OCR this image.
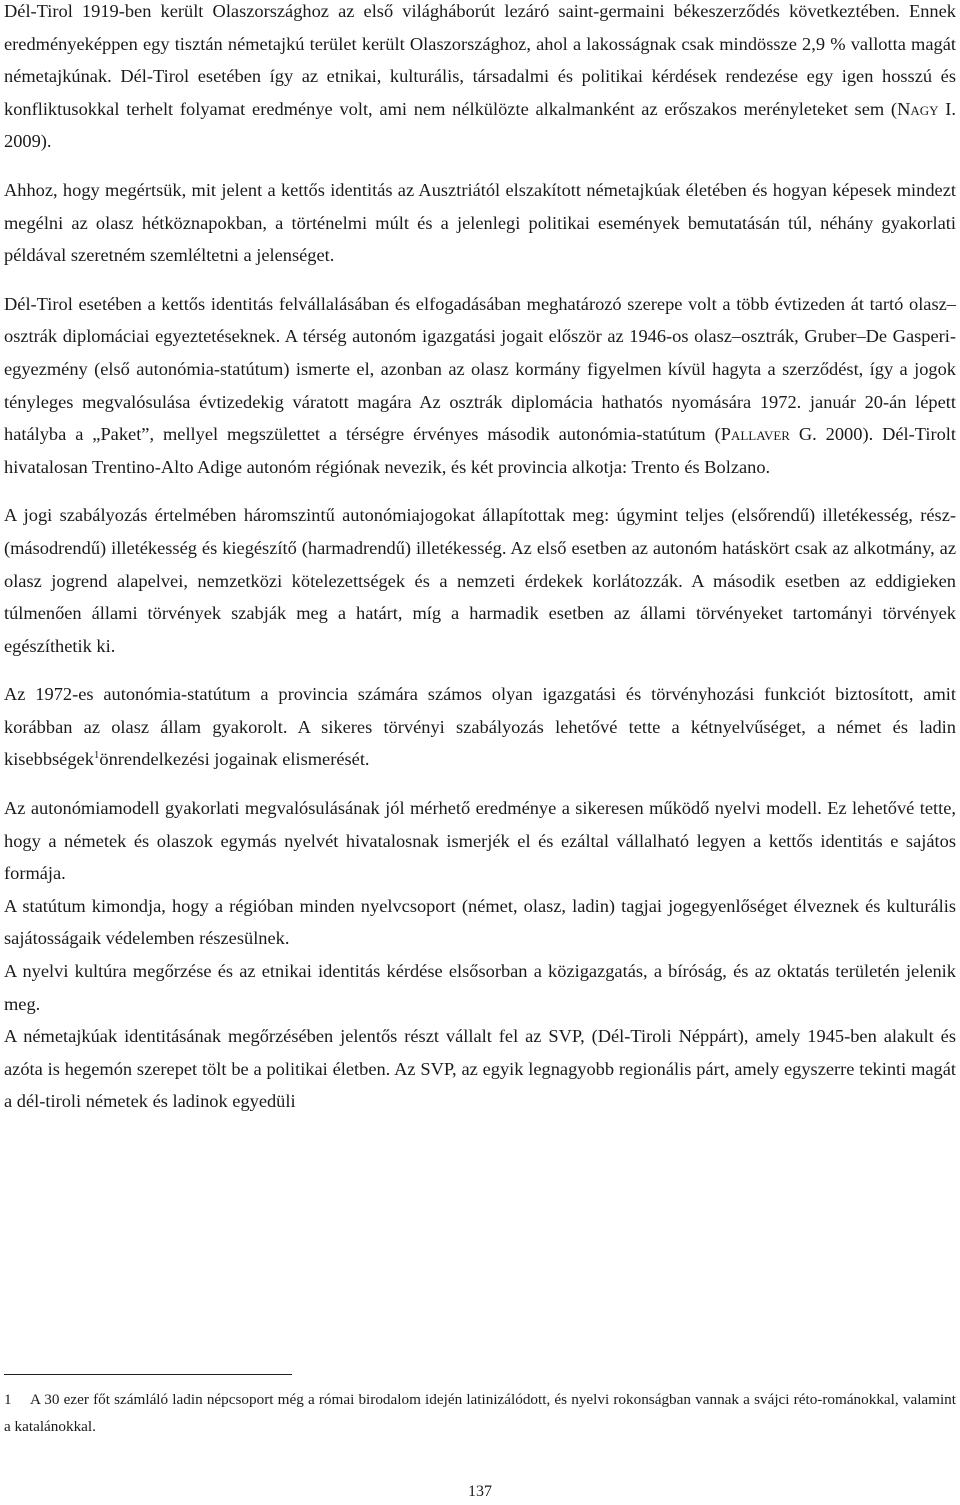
Dél-Tirol 1919-ben került Olaszországhoz az első világháborút lezáró saint-germaini békeszerződés következtében. Ennek eredményeképpen egy tisztán németajkú terület került Olaszországhoz, ahol a lakosságnak csak mindössze 2,9 % vallotta magát németajkúnak. Dél-Tirol esetében így az etnikai, kulturális, társadalmi és politikai kérdések rendezése egy igen hosszú és konfliktusokkal terhelt folyamat eredménye volt, ami nem nélkülözte alkalmanként az erőszakos merényleteket sem (Nagy I. 2009).

Ahhoz, hogy megértsük, mit jelent a kettős identitás az Ausztriától elszakított németajkúak életében és hogyan képesek mindezt megélni az olasz hétköznapokban, a történelmi múlt és a jelenlegi politikai események bemutatásán túl, néhány gyakorlati példával szeretném szemléltetni a jelenséget.

Dél-Tirol esetében a kettős identitás felvállalásában és elfogadásában meghatározó szerepe volt a több évtizeden át tartó olasz–osztrák diplomáciai egyeztetéseknek. A térség autonóm igazgatási jogait először az 1946-os olasz–osztrák, Gruber–De Gasperi-egyezmény (első autonómia-statútum) ismerte el, azonban az olasz kormány figyelmen kívül hagyta a szerződést, így a jogok tényleges megvalósulása évtizedekig váratott magára Az osztrák diplomácia hathatós nyomására 1972. január 20-án lépett hatályba a „Paket”, mellyel megszülettet a térségre érvényes második autonómia-statútum (Pallaver G. 2000). Dél-Tirolt hivatalosan Trentino-Alto Adige autonóm régiónak nevezik, és két provincia alkotja: Trento és Bolzano.

A jogi szabályozás értelmében háromszintű autonómiajogokat állapítottak meg: úgymint teljes (elsőrendű) illetékesség, rész- (másodrendű) illetékesség és kiegészítő (harmadrendű) illetékesség. Az első esetben az autonóm hatáskört csak az alkotmány, az olasz jogrend alapelvei, nemzetközi kötelezettségek és a nemzeti érdekek korlátozzák. A második esetben az eddigieken túlmenően állami törvények szabják meg a határt, míg a harmadik esetben az állami törvényeket tartományi törvények egészíthetik ki.

Az 1972-es autonómia-statútum a provincia számára számos olyan igazgatási és törvényhozási funkciót biztosított, amit korábban az olasz állam gyakorolt. A sikeres törvényi szabályozás lehetővé tette a kétnyelvűséget, a német és ladin kisebbségek$^1$önrendelkezési jogainak elismerését.

Az autonómiamodell gyakorlati megvalósulásának jól mérhető eredménye a sikeresen működő nyelvi modell. Ez lehetővé tette, hogy a németek és olaszok egymás nyelvét hivatalosnak ismerjék el és ezáltal vállalható legyen a kettős identitás e sajátos formája.

A statútum kimondja, hogy a régióban minden nyelvcsoport (német, olasz, ladin) tagjai jogegyenlőséget élveznek és kulturális sajátosságaik védelemben részesülnek.

A nyelvi kultúra megőrzése és az etnikai identitás kérdése elsősorban a közigazgatás, a bíróság, és az oktatás területén jelenik meg.

A németajkúak identitásának megőrzésében jelentős részt vállalt fel az SVP, (Dél-Tiroli Néppárt), amely 1945-ben alakult és azóta is hegemón szerepet tölt be a politikai életben. Az SVP, az egyik legnagyobb regionális párt, amely egyszerre tekinti magát a dél-tiroli németek és ladinok egyedüli

1 A 30 ezer főt számláló ladin népcsoport még a római birodalom idején latinizálódott, és nyelvi rokonságban vannak a svájci réto-románokkal, valamint a katalánokkal.

137
